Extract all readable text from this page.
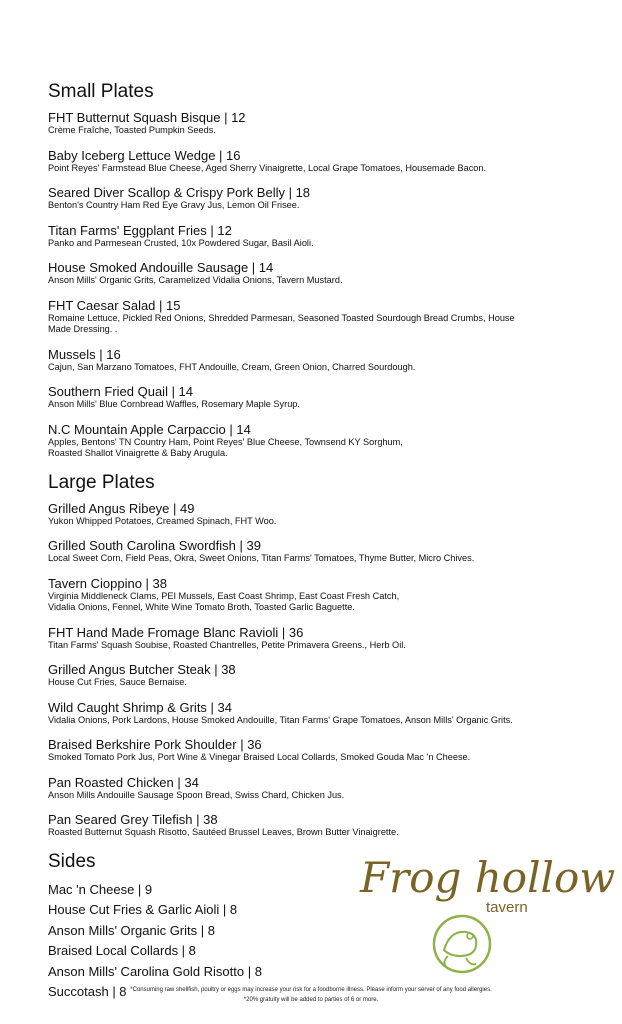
Small Plates
FHT Butternut Squash Bisque | 12
Crème Fraîche, Toasted Pumpkin Seeds.
Baby Iceberg Lettuce Wedge | 16
Point Reyes' Farmstead Blue Cheese, Aged Sherry Vinaigrette, Local Grape Tomatoes, Housemade Bacon.
Seared Diver Scallop & Crispy Pork Belly | 18
Benton's Country Ham Red Eye Gravy Jus, Lemon Oil Frisee.
Titan Farms' Eggplant Fries | 12
Panko and Parmesean Crusted, 10x Powdered Sugar, Basil Aioli.
House Smoked Andouille Sausage | 14
Anson Mills' Organic Grits, Caramelized Vidalia Onions, Tavern Mustard.
FHT Caesar Salad | 15
Romaine Lettuce, Pickled Red Onions, Shredded Parmesan, Seasoned Toasted Sourdough Bread Crumbs, House
Made Dressing. .
Mussels | 16
Cajun, San Marzano Tomatoes, FHT Andouille, Cream, Green Onion, Charred Sourdough.
Southern Fried Quail | 14
Anson Mills' Blue Cornbread Waffles, Rosemary Maple Syrup.
N.C Mountain Apple Carpaccio | 14
Apples, Bentons' TN Country Ham, Point Reyes' Blue Cheese, Townsend KY Sorghum,
Roasted Shallot Vinaigrette & Baby Arugula.
Large Plates
Grilled Angus Ribeye | 49
Yukon Whipped Potatoes, Creamed Spinach, FHT Woo.
Grilled South Carolina Swordfish | 39
Local Sweet Corn, Field Peas, Okra, Sweet Onions, Titan Farms' Tomatoes, Thyme Butter, Micro Chives.
Tavern Cioppino | 38
Virginia Middleneck Clams, PEI Mussels, East Coast Shrimp, East Coast Fresh Catch,
Vidalia Onions, Fennel, White Wine Tomato Broth, Toasted Garlic Baguette.
FHT Hand Made Fromage Blanc Ravioli | 36
Titan Farms' Squash Soubise, Roasted Chantrelles, Petite Primavera Greens., Herb Oil.
Grilled Angus Butcher Steak | 38
House Cut Fries, Sauce Bernaise.
Wild Caught Shrimp & Grits | 34
Vidalia Onions, Pork Lardons, House Smoked Andouille, Titan Farms' Grape Tomatoes, Anson Mills' Organic Grits.
Braised Berkshire Pork Shoulder | 36
Smoked Tomato Pork Jus, Port Wine & Vinegar Braised Local Collards, Smoked Gouda Mac 'n Cheese.
Pan Roasted Chicken | 34
Anson Mills Andouille Sausage Spoon Bread, Swiss Chard, Chicken Jus.
Pan Seared Grey Tilefish | 38
Roasted Butternut Squash Risotto, Sautéed Brussel Leaves, Brown Butter Vinaigrette.
Sides
Mac 'n Cheese | 9
House Cut Fries & Garlic Aioli | 8
Anson Mills' Organic Grits | 8
Braised Local Collards | 8
Anson Mills' Carolina Gold Risotto | 8
Succotash | 8
Frog hollow
tavern
*Consuming raw shellfish, poultry or eggs may increase your risk for a foodborne illness. Please inform your server of any food allergies.
*20% gratuity will be added to parties of 6 or more.
